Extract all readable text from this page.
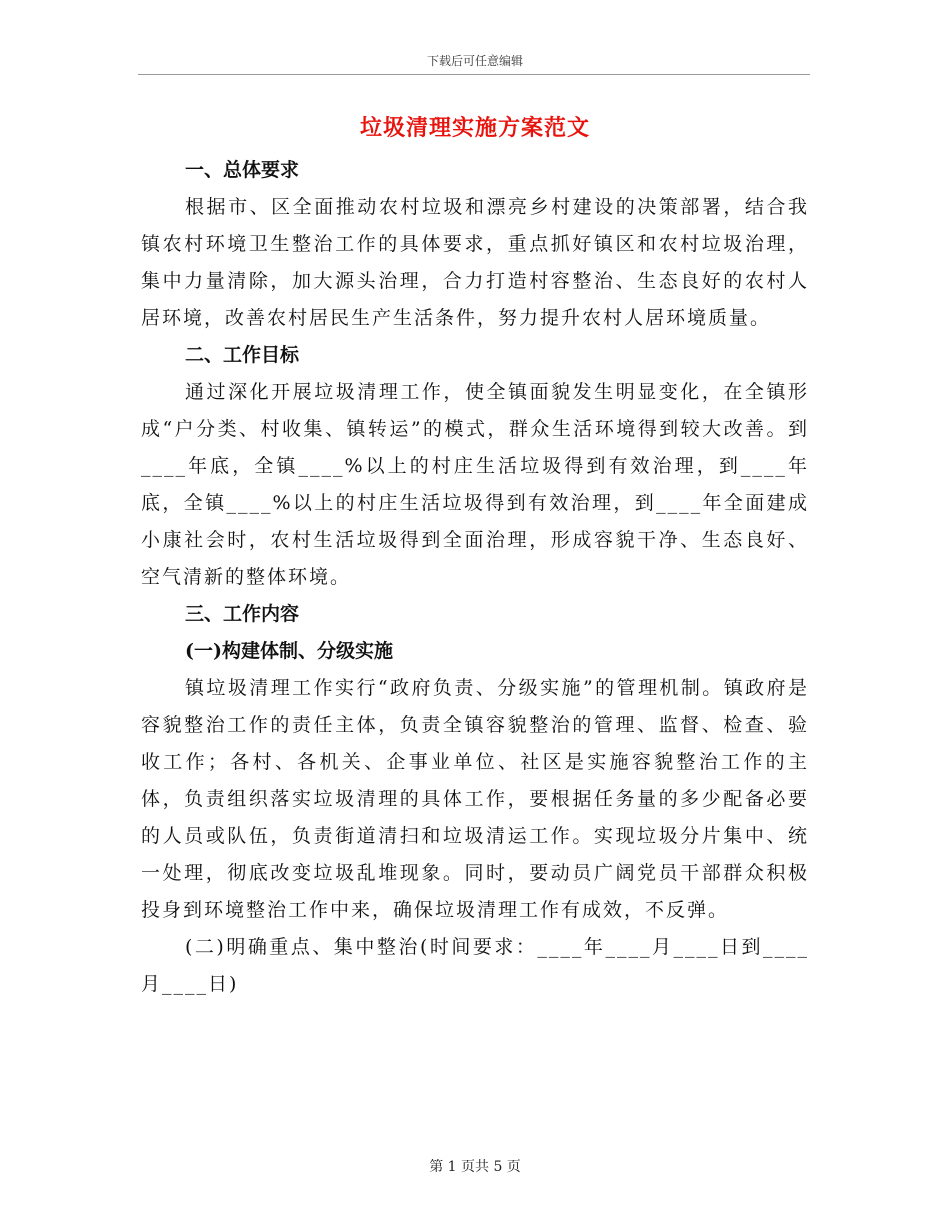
下载后可任意编辑
垃圾清理实施方案范文
一、总体要求

根据市、区全面推动农村垃圾和漂亮乡村建设的决策部署，结合我镇农村环境卫生整治工作的具体要求，重点抓好镇区和农村垃圾治理，集中力量清除，加大源头治理，合力打造村容整治、生态良好的农村人居环境，改善农村居民生产生活条件，努力提升农村人居环境质量。

二、工作目标

通过深化开展垃圾清理工作，使全镇面貌发生明显变化，在全镇形成“户分类、村收集、镇转运”的模式，群众生活环境得到较大改善。到____年底，全镇____%以上的村庄生活垃圾得到有效治理，到____年底，全镇____%以上的村庄生活垃圾得到有效治理，到____年全面建成小康社会时，农村生活垃圾得到全面治理，形成容貌干净、生态良好、空气清新的整体环境。

三、工作内容
(一)构建体制、分级实施

镇垃圾清理工作实行“政府负责、分级实施”的管理机制。镇政府是容貌整治工作的责任主体，负责全镇容貌整治的管理、监督、检查、验收工作；各村、各机关、企事业单位、社区是实施容貌整治工作的主体，负责组织落实垃圾清理的具体工作，要根据任务量的多少配备必要的人员或队伍，负责街道清扫和垃圾清运工作。实现垃圾分片集中、统一处理，彻底改变垃圾乱堆现象。同时，要动员广阔党员干部群众积极投身到环境整治工作中来，确保垃圾清理工作有成效，不反弹。

(二)明确重点、集中整治(时间要求：____年____月____日到____月____日)

第 1 页共 5 页
